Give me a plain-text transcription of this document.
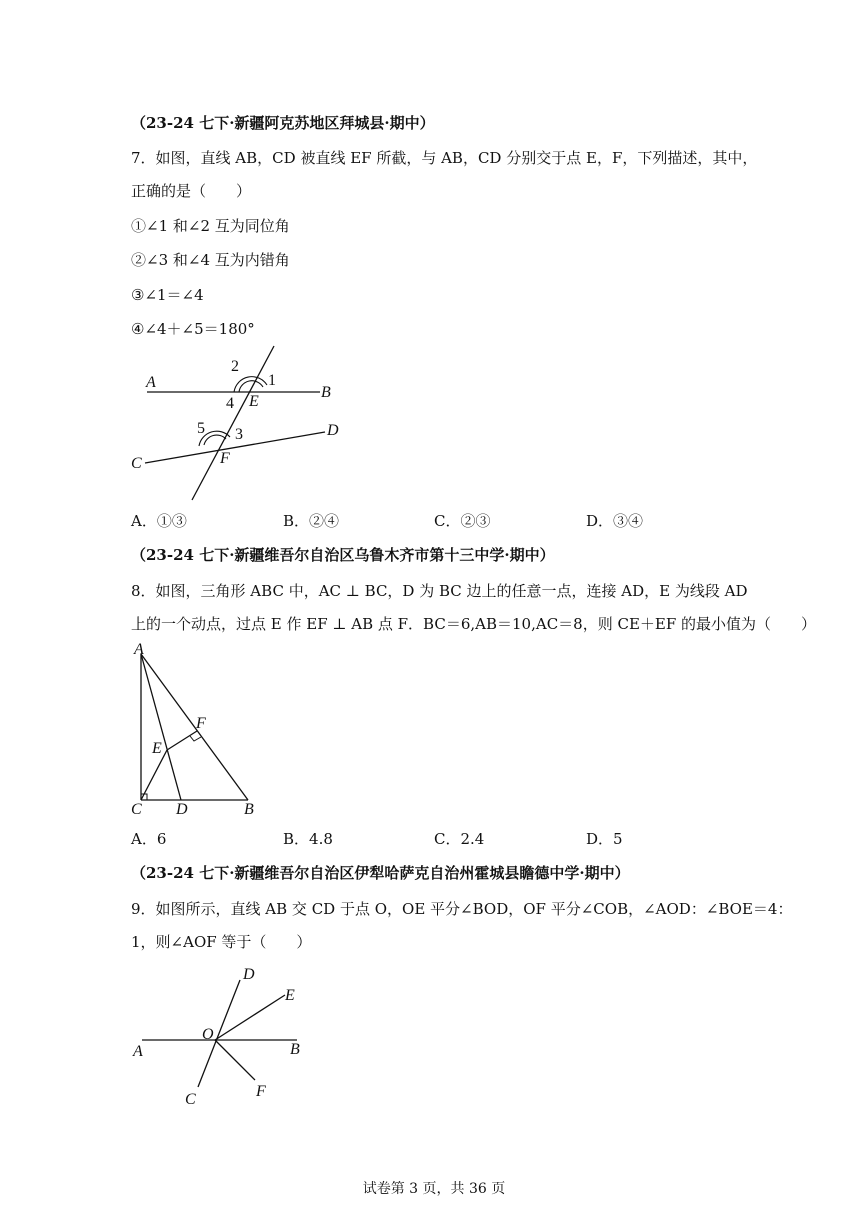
（23-24 七下·新疆阿克苏地区拜城县·期中）
7．如图，直线 AB，CD 被直线 EF 所截，与 AB，CD 分别交于点 E，F，下列描述，其中，
正确的是（　　）
①∠1 和∠2 互为同位角
②∠3 和∠4 互为内错角
③∠1＝∠4
④∠4＋∠5＝180°
A
B
C
D
E
F
1
2
3
4
5
A．①③	B．②④	C．②③	D．③④
（23-24 七下·新疆维吾尔自治区乌鲁木齐市第十三中学·期中）
8．如图，三角形 ABC 中，AC ⊥ BC，D 为 BC 边上的任意一点，连接 AD，E 为线段 AD
上的一个动点，过点 E 作 EF ⊥ AB 点 F．BC＝6,AB＝10,AC＝8，则 CE＋EF 的最小值为（　　）
A
B
C D
E
F
A．6	B．4.8	C．2.4	D．5
（23-24 七下·新疆维吾尔自治区伊犁哈萨克自治州霍城县瞻德中学·期中）
9．如图所示，直线 AB 交 CD 于点 O，OE 平分∠BOD，OF 平分∠COB，∠AOD：∠BOE＝4：
1，则∠AOF 等于（　　）
A	B
C
D
E
F
O
试卷第 3 页，共 36 页
